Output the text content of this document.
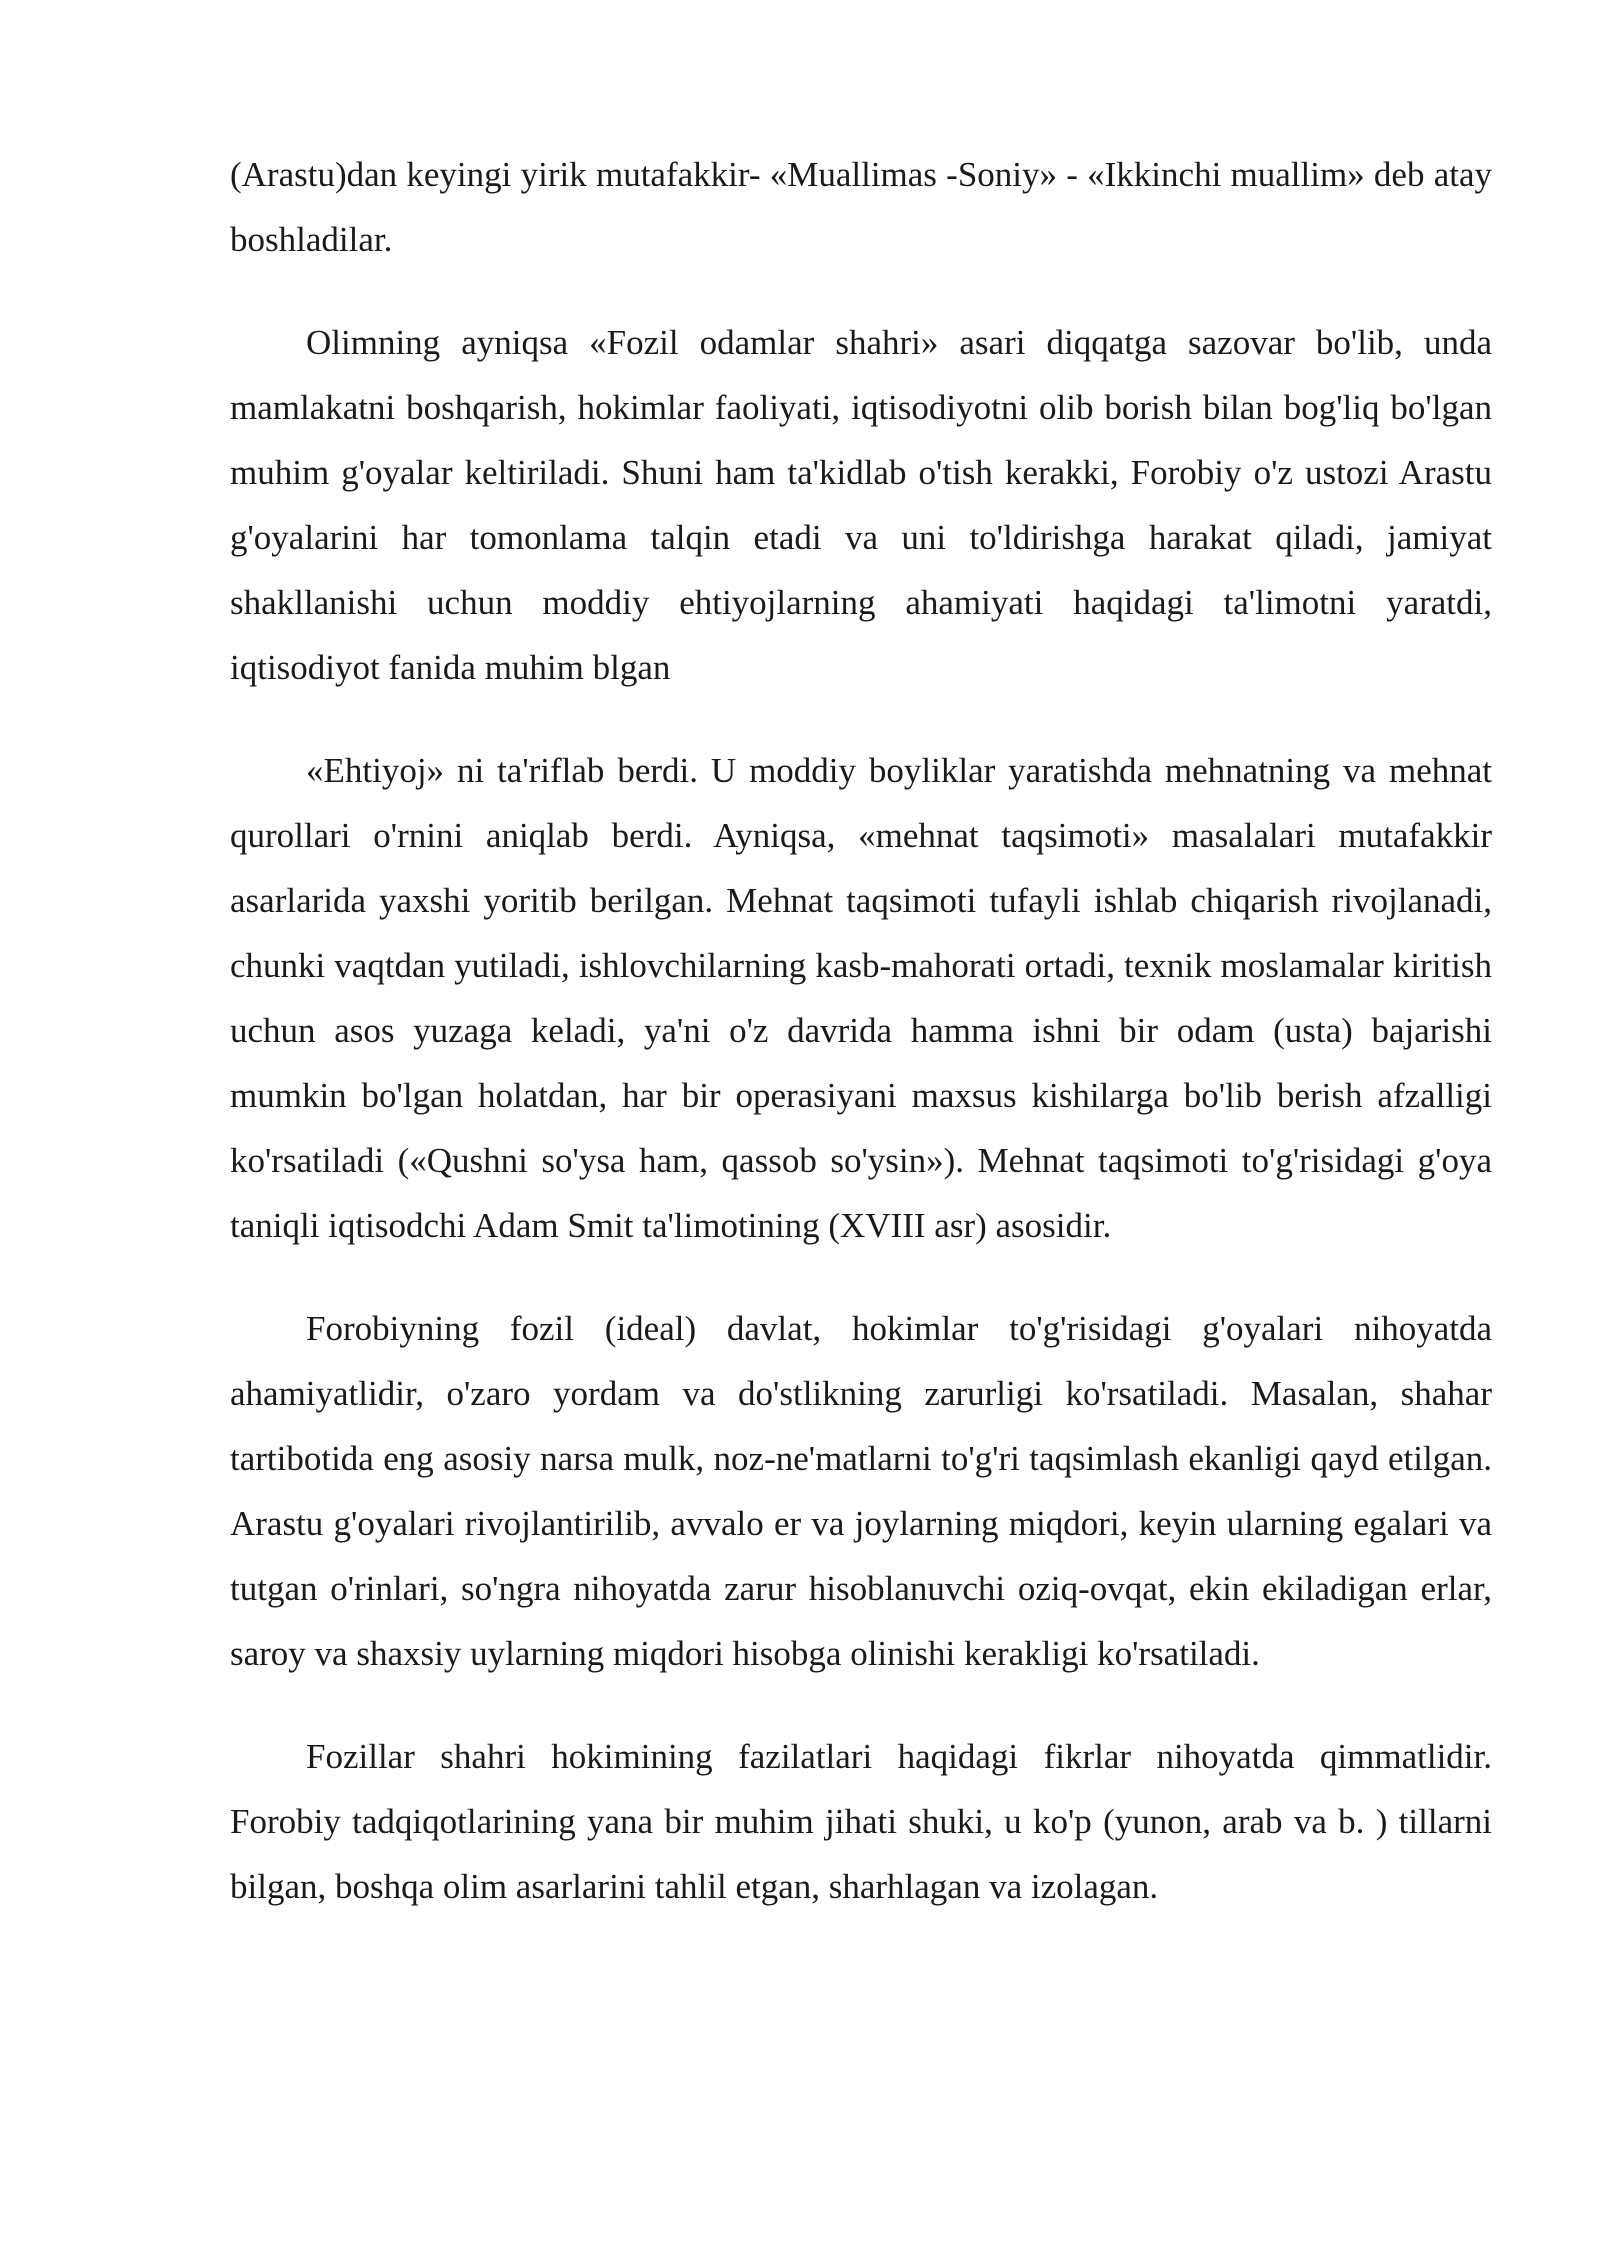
(Arastu)dan keyingi yirik mutafakkir- «Muallimas -Soniy» - «Ikkinchi muallim» deb atay boshladilar.

Olimning ayniqsa «Fozil odamlar shahri» asari diqqatga sazovar bo'lib, unda mamlakatni boshqarish, hokimlar faoliyati, iqtisodiyotni olib borish bilan bog'liq bo'lgan muhim g'oyalar keltiriladi. Shuni ham ta'kidlab o'tish kerakki, Forobiy o'z ustozi Arastu g'oyalarini har tomonlama talqin etadi va uni to'ldirishga harakat qiladi, jamiyat shakllanishi uchun moddiy ehtiyojlarning ahamiyati haqidagi ta'limotni yaratdi, iqtisodiyot fanida muhim blgan

«Ehtiyoj» ni ta'riflab berdi. U moddiy boyliklar yaratishda mehnatning va mehnat qurollari o'rnini aniqlab berdi. Ayniqsa, «mehnat taqsimoti» masalalari mutafakkir asarlarida yaxshi yoritib berilgan. Mehnat taqsimoti tufayli ishlab chiqarish rivojlanadi, chunki vaqtdan yutiladi, ishlovchilarning kasb-mahorati ortadi, texnik moslamalar kiritish uchun asos yuzaga keladi, ya'ni o'z davrida hamma ishni bir odam (usta) bajarishi mumkin bo'lgan holatdan, har bir operasiyani maxsus kishilarga bo'lib berish afzalligi ko'rsatiladi («Qushni so'ysa ham, qassob so'ysin»). Mehnat taqsimoti to'g'risidagi g'oya taniqli iqtisodchi Adam Smit ta'limotining (XVIII asr) asosidir.

Forobiyning fozil (ideal) davlat, hokimlar to'g'risidagi g'oyalari nihoyatda ahamiyatlidir, o'zaro yordam va do'stlikning zarurligi ko'rsatiladi. Masalan, shahar tartibotida eng asosiy narsa mulk, noz-ne'matlarni to'g'ri taqsimlash ekanligi qayd etilgan. Arastu g'oyalari rivojlantirilib, avvalo er va joylarning miqdori, keyin ularning egalari va tutgan o'rinlari, so'ngra nihoyatda zarur hisoblanuvchi oziq-ovqat, ekin ekiladigan erlar, saroy va shaxsiy uylarning miqdori hisobga olinishi kerakligi ko'rsatiladi.

Fozillar shahri hokimining fazilatlari haqidagi fikrlar nihoyatda qimmatlidir. Forobiy tadqiqotlarining yana bir muhim jihati shuki, u ko'p (yunon, arab va b. ) tillarni bilgan, boshqa olim asarlarini tahlil etgan, sharhlagan va izolagan.
